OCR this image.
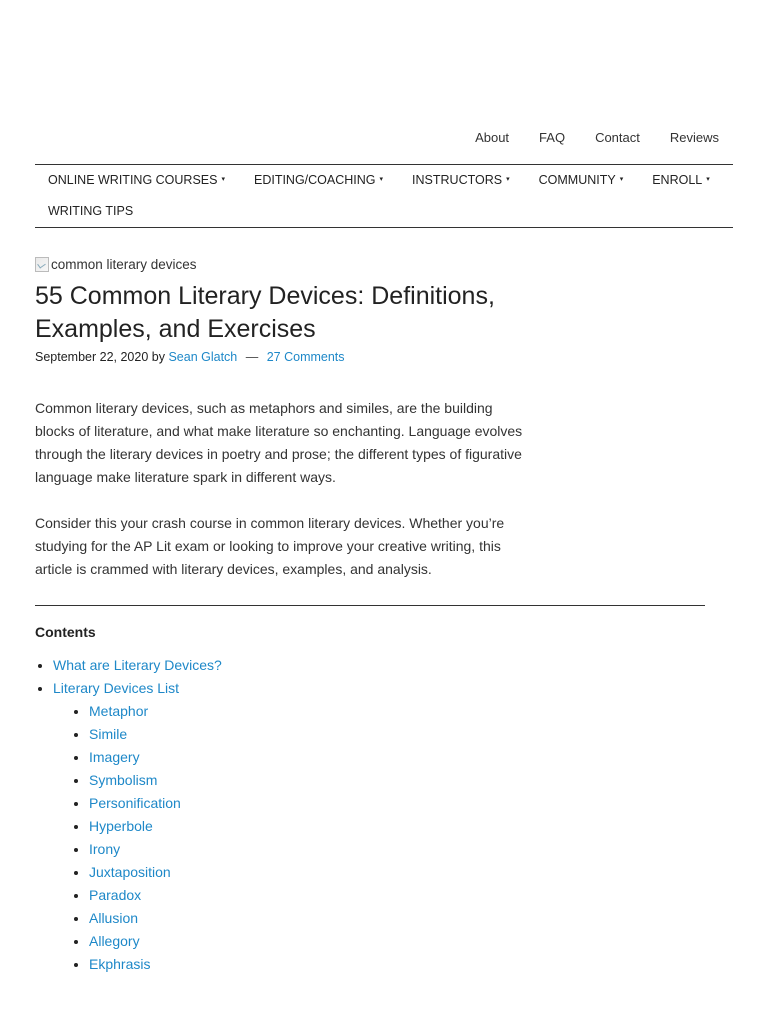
About FAQ Contact Reviews
ONLINE WRITING COURSES ▾ EDITING/COACHING ▾ INSTRUCTORS ▾ COMMUNITY ▾ ENROLL ▾
WRITING TIPS
common literary devices
55 Common Literary Devices: Definitions, Examples, and Exercises
September 22, 2020 by Sean Glatch — 27 Comments

Common literary devices, such as metaphors and similes, are the building blocks of literature, and what make literature so enchanting. Language evolves through the literary devices in poetry and prose; the different types of figurative language make literature spark in different ways.

Consider this your crash course in common literary devices. Whether you’re studying for the AP Lit exam or looking to improve your creative writing, this article is crammed with literary devices, examples, and analysis.

Contents
• What are Literary Devices?
• Literary Devices List
• Metaphor
• Simile
• Imagery
• Symbolism
• Personification
• Hyperbole
• Irony
• Juxtaposition
• Paradox
• Allusion
• Allegory
• Ekphrasis
